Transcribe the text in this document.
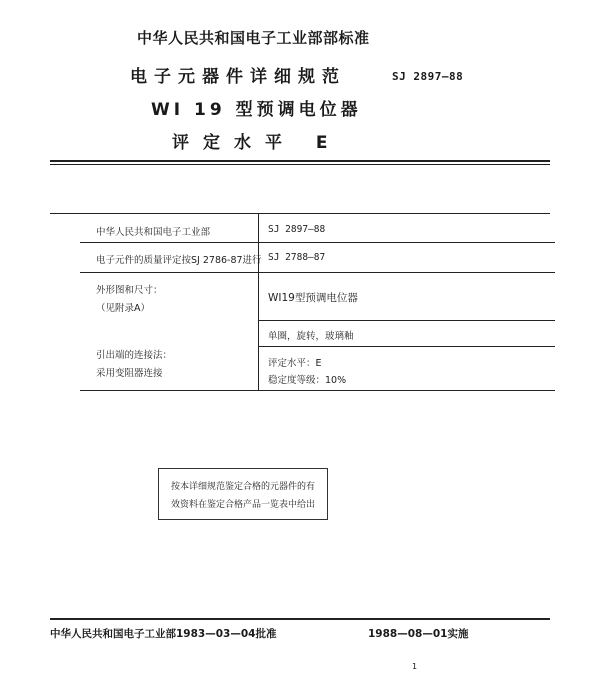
中华人民共和国电子工业部部标准
电子元器件详细规范	SJ 2897—88
WI 19 型预调电位器
评定水平 E
中华人民共和国电子工业部
电子元件的质量评定按SJ 2786-87进行
外形图和尺寸：
（见附录A）
引出端的连接法：
采用变阻器连接
SJ 2897—88
SJ 2788—87
WI19型预调电位器
单圈，旋转，玻璃釉
评定水平：E
稳定度等级：10%
按本详细规范鉴定合格的元器件的有
效资料在鉴定合格产品一览表中给出
中华人民共和国电子工业部1983—03—04批准	1988—08—01实施
1
